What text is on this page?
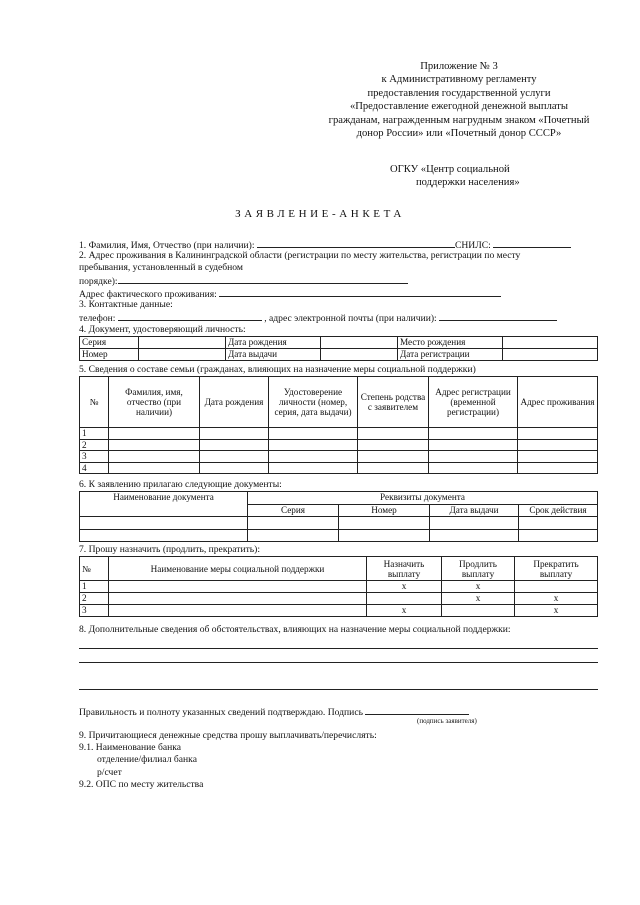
Приложение № 3
к Административному регламенту
предоставления государственной услуги
«Предоставление ежегодной денежной выплаты
гражданам, награжденным нагрудным знаком «Почетный
донор России» или «Почетный донор СССР»
ОГКУ «Центр социальной
поддержки населения»
ЗАЯВЛЕНИЕ-АНКЕТА
1. Фамилия, Имя, Отчество (при наличии):	СНИЛС:
2. Адрес проживания в Калининградской области (регистрации по месту жительства, регистрации по месту
пребывания, установленный в судебном
порядке):
Адрес фактического проживания:
3. Контактные данные:
телефон:	, адрес электронной почты (при наличии):
4. Документ, удостоверяющий личность:
Серия		Дата рождения		Место рождения	
Номер		Дата выдачи		Дата регистрации	
5. Сведения о составе семьи (гражданах, влияющих на назначение меры социальной поддержки)
№	Фамилия, имя, отчество (при наличии)	Дата рождения	Удостоверение личности (номер, серия, дата выдачи)	Степень родства с заявителем	Адрес регистрации (временной регистрации)	Адрес проживания
1						
2						
3						
4						
6. К заявлению прилагаю следующие документы:
Наименование документа	Реквизиты документа			
	Серия	Номер	Дата выдачи	Срок действия

7. Прошу назначить (продлить, прекратить):
№	Наименование меры социальной поддержки	Назначить выплату	Продлить выплату	Прекратить выплату
1		х	х	
2			х	х
3		х		х
8. Дополнительные сведения об обстоятельствах, влияющих на назначение меры социальной поддержки:
Правильность и полноту указанных сведений подтверждаю. Подпись
(подпись заявителя)
9. Причитающиеся денежные средства прошу выплачивать/перечислять:
9.1. Наименование банка
отделение/филиал банка
р/счет
9.2. ОПС по месту жительства
